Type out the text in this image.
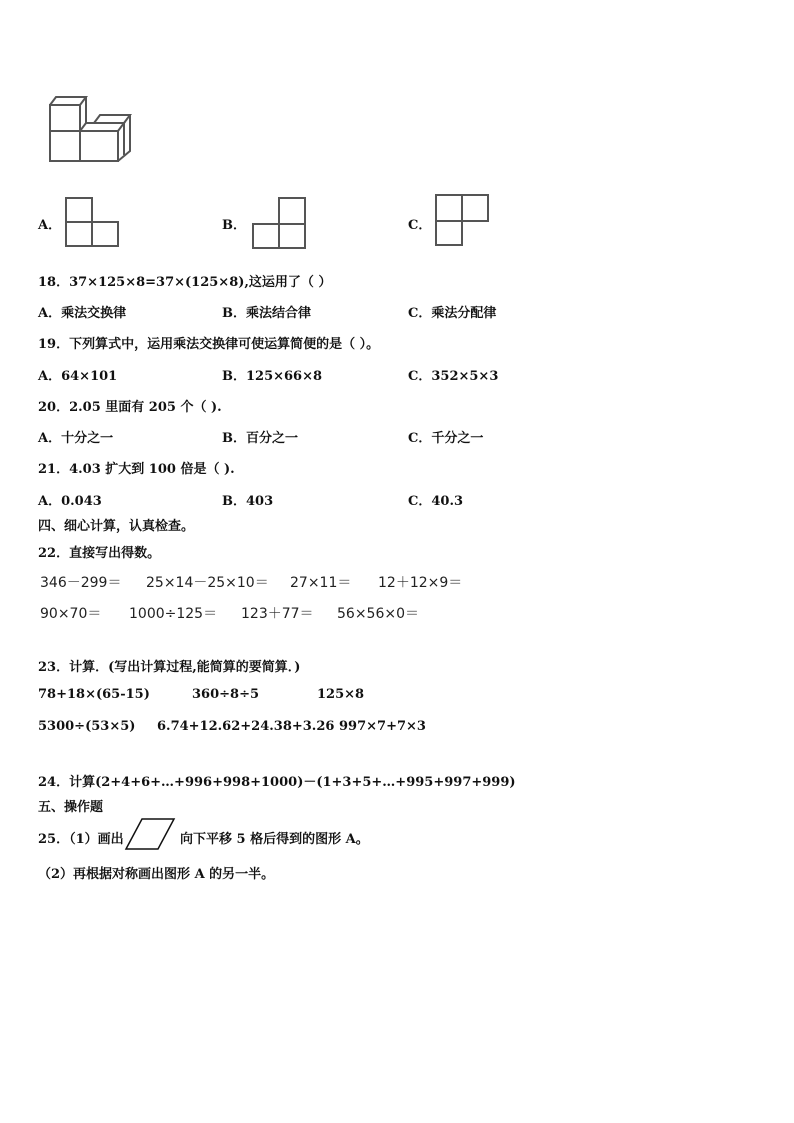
A．	B．	C．
18．37×125×8=37×(125×8),这运用了（ ）
A．乘法交换律	B．乘法结合律	C．乘法分配律
19．下列算式中，运用乘法交换律可使运算简便的是（ ）。
A．64×101	B．125×66×8	C．352×5×3
20．2.05 里面有 205 个（ ).
A．十分之一	B．百分之一	C．千分之一
21．4.03 扩大到 100 倍是（ ).
A．0.043	B．403	C．40.3
四、细心计算，认真检查。
22．直接写出得数。
346－299＝ 25×14－25×10＝ 27×11＝ 12＋12×9＝
90×70＝ 1000÷125＝ 123＋77＝ 56×56×0＝
23．计算．(写出计算过程,能简算的要简算．)
78+18×(65-15)	360÷8÷5	125×8
5300÷(53×5) 6.74+12.62+24.38+3.26 997×7+7×3
24．计算(2+4+6+…+996+998+1000)－(1+3+5+…+995+997+999)
五、操作题
25．（1）画出	向下平移 5 格后得到的图形 A。
（2）再根据对称画出图形 A 的另一半。
